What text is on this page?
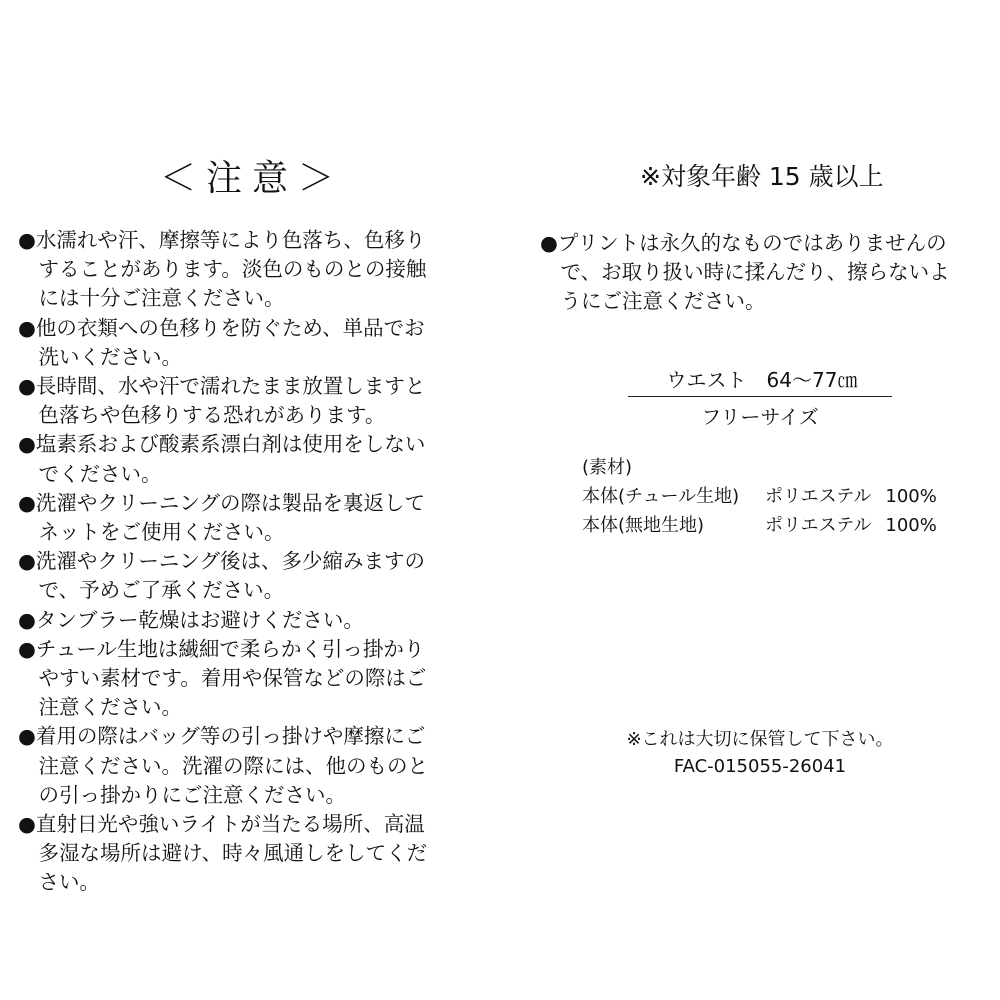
＜注意＞	※対象年齢 15 歳以上
●水濡れや汗、摩擦等により色落ち、色移り
　することがあります。淡色のものとの接触
　には十分ご注意ください。
●他の衣類への色移りを防ぐため、単品でお
　洗いください。
●長時間、水や汗で濡れたまま放置しますと
　色落ちや色移りする恐れがあります。
●塩素系および酸素系漂白剤は使用をしない
　でください。
●洗濯やクリーニングの際は製品を裏返して
　ネットをご使用ください。
●洗濯やクリーニング後は、多少縮みますの
　で、予めご了承ください。
●タンブラー乾燥はお避けください。
●チュール生地は繊細で柔らかく引っ掛かり
　やすい素材です。着用や保管などの際はご
　注意ください。
●着用の際はバッグ等の引っ掛けや摩擦にご
　注意ください。洗濯の際には、他のものと
　の引っ掛かりにご注意ください。
●直射日光や強いライトが当たる場所、高温
　多湿な場所は避け、時々風通しをしてくだ
　さい。
●プリントは永久的なものではありませんの
　で、お取り扱い時に揉んだり、擦らないよ
　うにご注意ください。
ウエスト　64〜77㎝
フリーサイズ
(素材)
本体(チュール生地)	ポリエステル 100%
本体(無地生地)	ポリエステル 100%
※これは大切に保管して下さい。
FAC-015055-26041
